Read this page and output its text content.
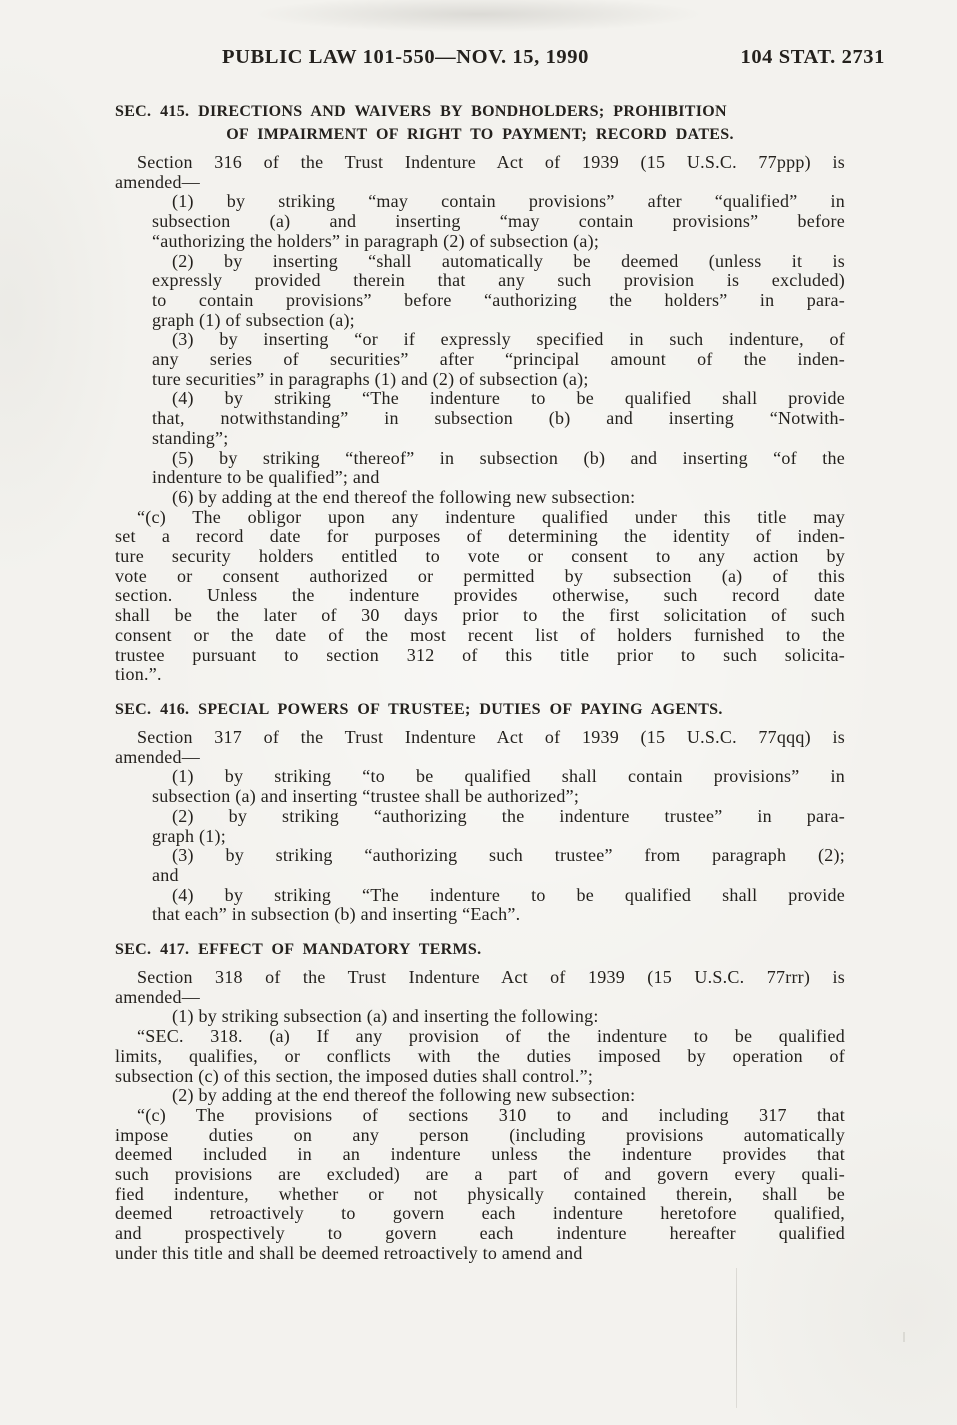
PUBLIC LAW 101-550—NOV. 15, 1990	104 STAT. 2731
SEC. 415. DIRECTIONS AND WAIVERS BY BONDHOLDERS; PROHIBITION
OF IMPAIRMENT OF RIGHT TO PAYMENT; RECORD DATES.
Section 316 of the Trust Indenture Act of 1939 (15 U.S.C. 77ppp) is
amended—
(1) by striking “may contain provisions” after “qualified” in
subsection (a) and inserting “may contain provisions” before
“authorizing the holders” in paragraph (2) of subsection (a);
(2) by inserting “shall automatically be deemed (unless it is
expressly provided therein that any such provision is excluded)
to contain provisions” before “authorizing the holders” in para-
graph (1) of subsection (a);
(3) by inserting “or if expressly specified in such indenture, of
any series of securities” after “principal amount of the inden-
ture securities” in paragraphs (1) and (2) of subsection (a);
(4) by striking “The indenture to be qualified shall provide
that, notwithstanding” in subsection (b) and inserting “Notwith-
standing”;
(5) by striking “thereof” in subsection (b) and inserting “of the
indenture to be qualified”; and
(6) by adding at the end thereof the following new subsection:
“(c) The obligor upon any indenture qualified under this title may
set a record date for purposes of determining the identity of inden-
ture security holders entitled to vote or consent to any action by
vote or consent authorized or permitted by subsection (a) of this
section. Unless the indenture provides otherwise, such record date
shall be the later of 30 days prior to the first solicitation of such
consent or the date of the most recent list of holders furnished to the
trustee pursuant to section 312 of this title prior to such solicita-
tion.”.
SEC. 416. SPECIAL POWERS OF TRUSTEE; DUTIES OF PAYING AGENTS.
Section 317 of the Trust Indenture Act of 1939 (15 U.S.C. 77qqq) is
amended—
(1) by striking “to be qualified shall contain provisions” in
subsection (a) and inserting “trustee shall be authorized”;
(2) by striking “authorizing the indenture trustee” in para-
graph (1);
(3) by striking “authorizing such trustee” from paragraph (2);
and
(4) by striking “The indenture to be qualified shall provide
that each” in subsection (b) and inserting “Each”.
SEC. 417. EFFECT OF MANDATORY TERMS.
Section 318 of the Trust Indenture Act of 1939 (15 U.S.C. 77rrr) is
amended—
(1) by striking subsection (a) and inserting the following:
“SEC. 318. (a) If any provision of the indenture to be qualified
limits, qualifies, or conflicts with the duties imposed by operation of
subsection (c) of this section, the imposed duties shall control.”;
(2) by adding at the end thereof the following new subsection:
“(c) The provisions of sections 310 to and including 317 that
impose duties on any person (including provisions automatically
deemed included in an indenture unless the indenture provides that
such provisions are excluded) are a part of and govern every quali-
fied indenture, whether or not physically contained therein, shall be
deemed retroactively to govern each indenture heretofore qualified,
and prospectively to govern each indenture hereafter qualified
under this title and shall be deemed retroactively to amend and
